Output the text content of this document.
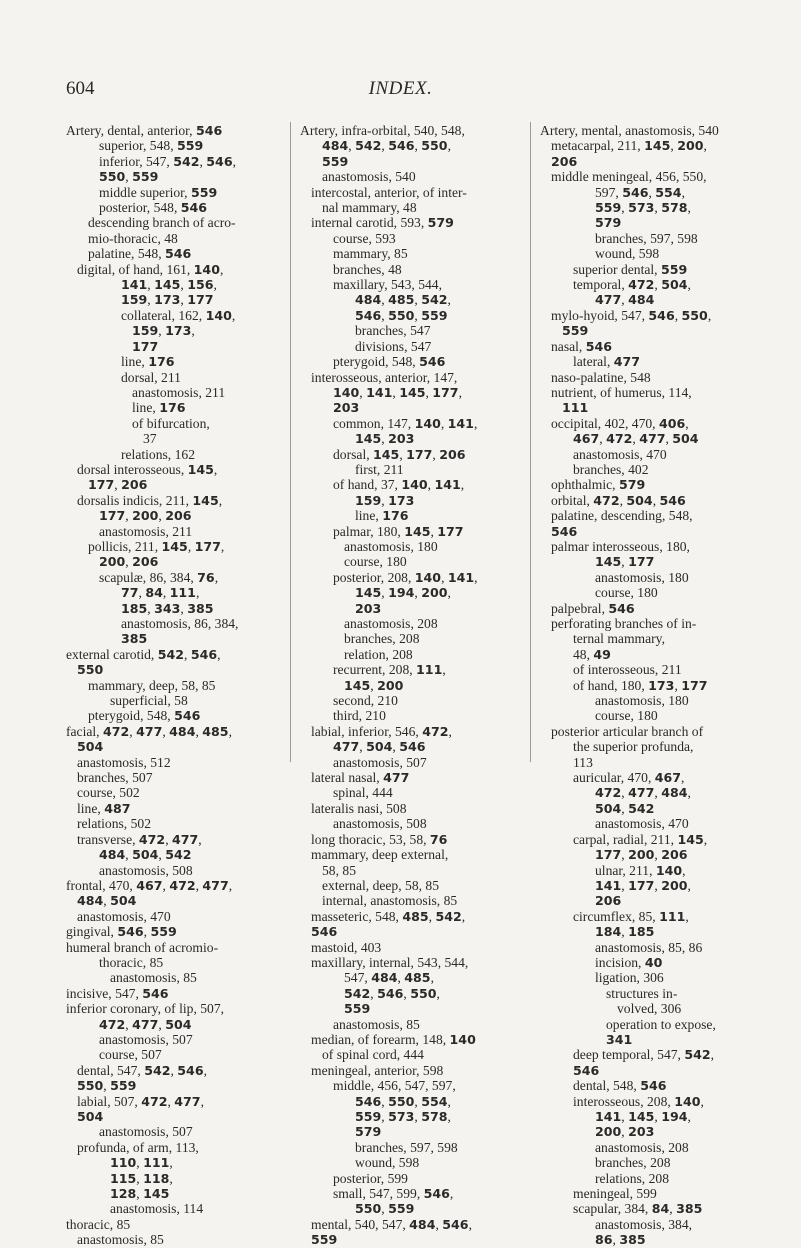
INDEX.
604
Artery, dental, anterior, 546
superior, 548, 559
inferior, 547, 542, 546,
550, 559
middle superior, 559
posterior, 548, 546
descending branch of acro-
mio-thoracic, 48
palatine, 548, 546
digital, of hand, 161, 140,
141, 145, 156,
159, 173, 177
collateral, 162, 140,
159, 173,
177
line, 176
dorsal, 211
anastomosis, 211
line, 176
of bifurcation,
37
relations, 162
dorsal interosseous, 145,
177, 206
dorsalis indicis, 211, 145,
177, 200, 206
anastomosis, 211
pollicis, 211, 145, 177,
200, 206
scapulæ, 86, 384, 76,
77, 84, 111,
185, 343, 385
anastomosis, 86, 384,
385
external carotid, 542, 546,
550
mammary, deep, 58, 85
superficial, 58
pterygoid, 548, 546
facial, 472, 477, 484, 485,
504
anastomosis, 512
branches, 507
course, 502
line, 487
relations, 502
transverse, 472, 477,
484, 504, 542
anastomosis, 508
frontal, 470, 467, 472, 477,
484, 504
anastomosis, 470
gingival, 546, 559
humeral branch of acromio-
thoracic, 85
anastomosis, 85
incisive, 547, 546
inferior coronary, of lip, 507,
472, 477, 504
anastomosis, 507
course, 507
dental, 547, 542, 546,
550, 559
labial, 507, 472, 477,
504
anastomosis, 507
profunda, of arm, 113,
110, 111,
115, 118,
128, 145
anastomosis, 114
thoracic, 85
anastomosis, 85
Artery, infra-orbital, 540, 548,
484, 542, 546, 550,
559
anastomosis, 540
intercostal, anterior, of inter-
nal mammary, 48
internal carotid, 593, 579
course, 593
mammary, 85
branches, 48
maxillary, 543, 544,
484, 485, 542,
546, 550, 559
branches, 547
divisions, 547
pterygoid, 548, 546
interosseous, anterior, 147,
140, 141, 145, 177,
203
common, 147, 140, 141,
145, 203
dorsal, 145, 177, 206
first, 211
of hand, 37, 140, 141,
159, 173
line, 176
palmar, 180, 145, 177
anastomosis, 180
course, 180
posterior, 208, 140, 141,
145, 194, 200,
203
anastomosis, 208
branches, 208
relation, 208
recurrent, 208, 111,
145, 200
second, 210
third, 210
labial, inferior, 546, 472,
477, 504, 546
anastomosis, 507
lateral nasal, 477
spinal, 444
lateralis nasi, 508
anastomosis, 508
long thoracic, 53, 58, 76
mammary, deep external,
58, 85
external, deep, 58, 85
internal, anastomosis, 85
masseteric, 548, 485, 542,
546
mastoid, 403
maxillary, internal, 543, 544,
547, 484, 485,
542, 546, 550,
559
anastomosis, 85
median, of forearm, 148, 140
of spinal cord, 444
meningeal, anterior, 598
middle, 456, 547, 597,
546, 550, 554,
559, 573, 578,
579
branches, 597, 598
wound, 598
posterior, 599
small, 547, 599, 546,
550, 559
mental, 540, 547, 484, 546,
559
Artery, mental, anastomosis, 540
metacarpal, 211, 145, 200,
206
middle meningeal, 456, 550,
597, 546, 554,
559, 573, 578,
579
branches, 597, 598
wound, 598
superior dental, 559
temporal, 472, 504,
477, 484
mylo-hyoid, 547, 546, 550,
559
nasal, 546
lateral, 477
naso-palatine, 548
nutrient, of humerus, 114,
111
occipital, 402, 470, 406,
467, 472, 477, 504
anastomosis, 470
branches, 402
ophthalmic, 579
orbital, 472, 504, 546
palatine, descending, 548,
546
palmar interosseous, 180,
145, 177
anastomosis, 180
course, 180
palpebral, 546
perforating branches of in-
ternal mammary,
48, 49
of interosseous, 211
of hand, 180, 173, 177
anastomosis, 180
course, 180
posterior articular branch of
the superior profunda,
113
auricular, 470, 467,
472, 477, 484,
504, 542
anastomosis, 470
carpal, radial, 211, 145,
177, 200, 206
ulnar, 211, 140,
141, 177, 200,
206
circumflex, 85, 111,
184, 185
anastomosis, 85, 86
incision, 40
ligation, 306
structures in-
volved, 306
operation to expose,
341
deep temporal, 547, 542,
546
dental, 548, 546
interosseous, 208, 140,
141, 145, 194,
200, 203
anastomosis, 208
branches, 208
relations, 208
meningeal, 599
scapular, 384, 84, 385
anastomosis, 384,
86, 385
